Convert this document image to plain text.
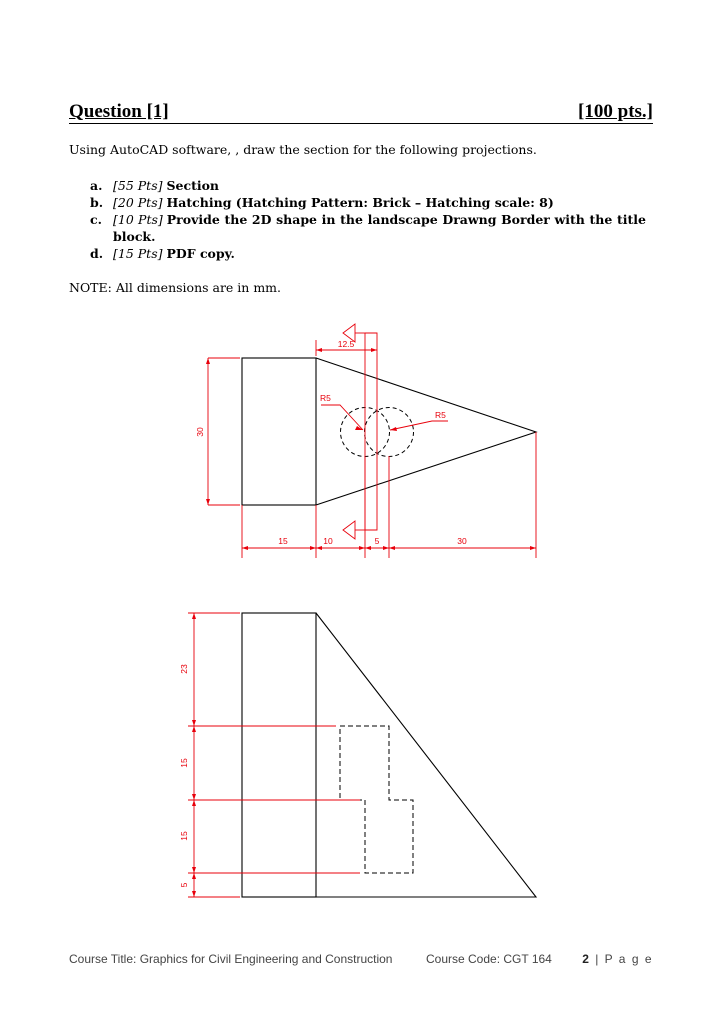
Question [1]	[100 pts.]
Using AutoCAD software, , draw the section for the following projections.
a. [55 Pts] Section
b. [20 Pts] Hatching (Hatching Pattern: Brick – Hatching scale: 8)
c. [10 Pts] Provide the 2D shape in the landscape Drawng Border with the title block.
d. [15 Pts] PDF copy.
NOTE: All dimensions are in mm.
12.5
30
R5
R5
15	10	5	30
23
15
15
5
Course Title: Graphics for Civil Engineering and Construction	Course Code: CGT 164	2 | P a g e
